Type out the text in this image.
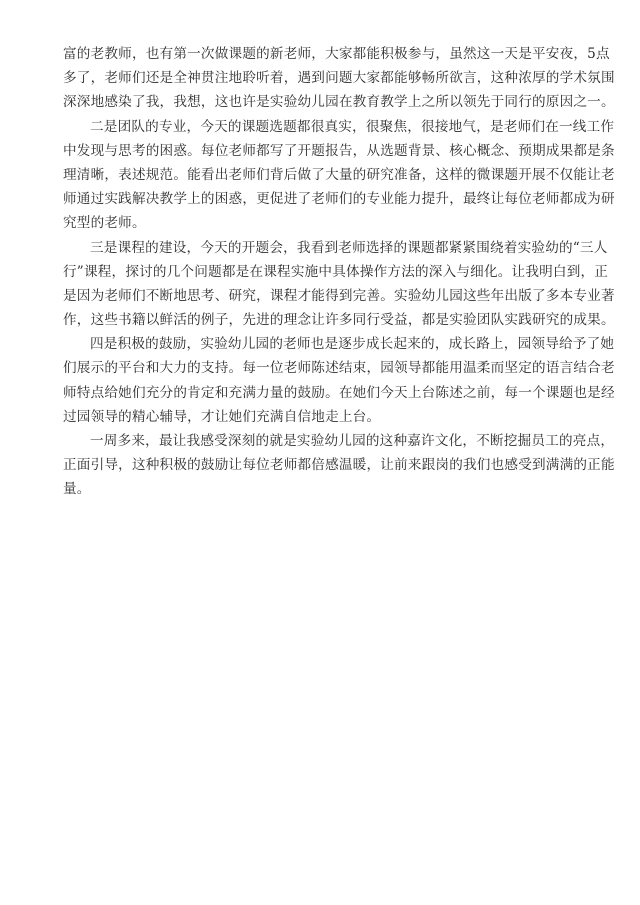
富的老教师，也有第一次做课题的新老师，大家都能积极参与，虽然这一天是平安夜，5点
多了，老师们还是全神贯注地聆听着，遇到问题大家都能够畅所欲言，这种浓厚的学术氛围
深深地感染了我，我想，这也许是实验幼儿园在教育教学上之所以领先于同行的原因之一。
二是团队的专业，今天的课题选题都很真实，很聚焦，很接地气，是老师们在一线工作
中发现与思考的困惑。每位老师都写了开题报告，从选题背景、核心概念、预期成果都是条
理清晰，表述规范。能看出老师们背后做了大量的研究准备，这样的微课题开展不仅能让老
师通过实践解决教学上的困惑，更促进了老师们的专业能力提升，最终让每位老师都成为研
究型的老师。
三是课程的建设，今天的开题会，我看到老师选择的课题都紧紧围绕着实验幼的“三人
行”课程，探讨的几个问题都是在课程实施中具体操作方法的深入与细化。让我明白到，正
是因为老师们不断地思考、研究，课程才能得到完善。实验幼儿园这些年出版了多本专业著
作，这些书籍以鲜活的例子，先进的理念让许多同行受益，都是实验团队实践研究的成果。
四是积极的鼓励，实验幼儿园的老师也是逐步成长起来的，成长路上，园领导给予了她
们展示的平台和大力的支持。每一位老师陈述结束，园领导都能用温柔而坚定的语言结合老
师特点给她们充分的肯定和充满力量的鼓励。在她们今天上台陈述之前，每一个课题也是经
过园领导的精心辅导，才让她们充满自信地走上台。
一周多来，最让我感受深刻的就是实验幼儿园的这种嘉许文化，不断挖掘员工的亮点，
正面引导，这种积极的鼓励让每位老师都倍感温暖，让前来跟岗的我们也感受到满满的正能
量。
